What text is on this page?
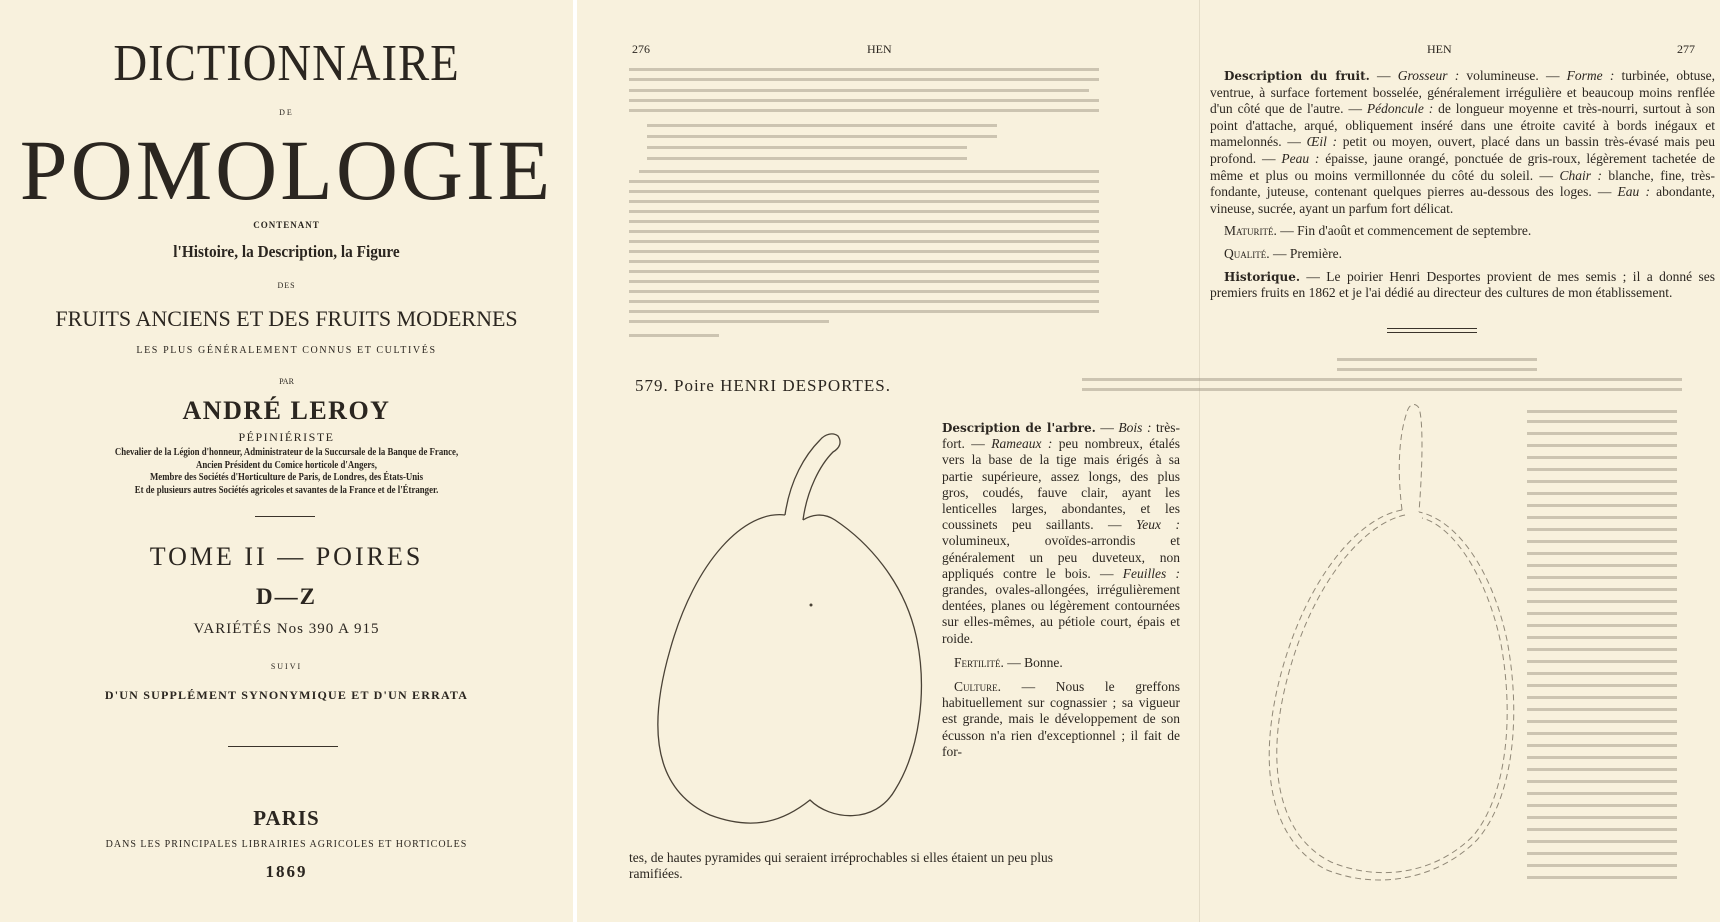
DICTIONNAIRE
DE
POMOLOGIE
CONTENANT
l'Histoire, la Description, la Figure
DES
FRUITS ANCIENS ET DES FRUITS MODERNES
LES PLUS GÉNÉRALEMENT CONNUS ET CULTIVÉS
PAR
ANDRÉ LEROY
PÉPINIÉRISTE
Chevalier de la Légion d'honneur, Administrateur de la Succursale de la Banque de France,
Ancien Président du Comice horticole d'Angers,
Membre des Sociétés d'Horticulture de Paris, de Londres, des États-Unis
Et de plusieurs autres Sociétés agricoles et savantes de la France et de l'Étranger.
TOME II — POIRES
D—Z
VARIÉTÉS Nos 390 A 915
SUIVI
D'UN SUPPLÉMENT SYNONYMIQUE ET D'UN ERRATA
PARIS
DANS LES PRINCIPALES LIBRAIRIES AGRICOLES ET HORTICOLES
1869
276	HEN	HEN	277
579. Poire HENRI DESPORTES.

Description de l'arbre. — Bois : très-fort. — Rameaux : peu nombreux, étalés vers la base de la tige mais érigés à sa partie supérieure, assez longs, des plus gros, coudés, fauve clair, ayant les lenticelles larges, abondantes, et les coussinets peu saillants. — Yeux : volumineux, ovoïdes-arrondis et généralement un peu duveteux, non appliqués contre le bois. — Feuilles : grandes, ovales-allongées, irrégulièrement dentées, planes ou légèrement contournées sur elles-mêmes, au pétiole court, épais et roide.

Fertilité. — Bonne.

Culture. — Nous le greffons habituellement sur cognassier ; sa vigueur est grande, mais le développement de son écusson n'a rien d'exceptionnel ; il fait de for-

tes, de hautes pyramides qui seraient irréprochables si elles étaient un peu plus
ramifiées.

Description du fruit. — Grosseur : volumineuse. — Forme : turbinée, obtuse, ventrue, à surface fortement bosselée, généralement irrégulière et beaucoup moins renflée d'un côté que de l'autre. — Pédoncule : de longueur moyenne et très-nourri, surtout à son point d'attache, arqué, obliquement inséré dans une étroite cavité à bords inégaux et mamelonnés. — Œil : petit ou moyen, ouvert, placé dans un bassin très-évasé mais peu profond. — Peau : épaisse, jaune orangé, ponctuée de gris-roux, légèrement tachetée de même et plus ou moins vermillonnée du côté du soleil. — Chair : blanche, fine, très-fondante, juteuse, contenant quelques pierres au-dessous des loges. — Eau : abondante, vineuse, sucrée, ayant un parfum fort délicat.

Maturité. — Fin d'août et commencement de septembre.

Qualité. — Première.

Historique. — Le poirier Henri Desportes provient de mes semis ; il a donné ses premiers fruits en 1862 et je l'ai dédié au directeur des cultures de mon établissement.
